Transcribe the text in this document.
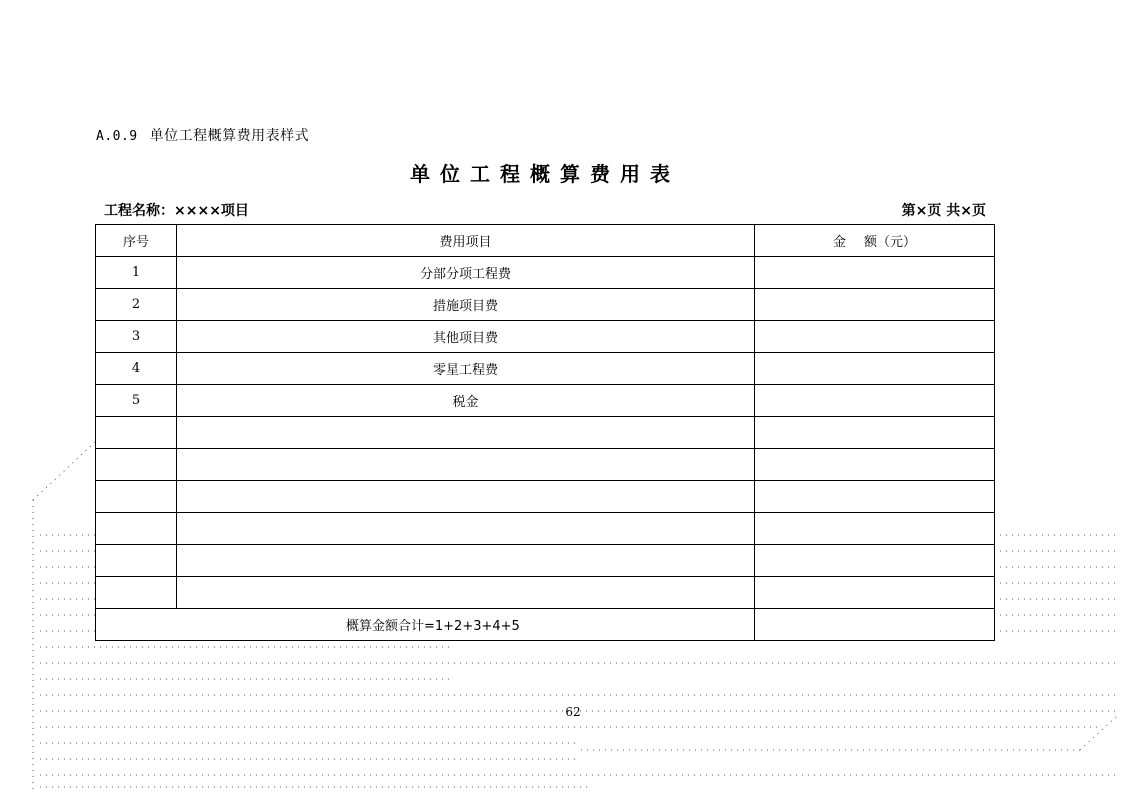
A.0.9 单位工程概算费用表样式
单位工程概算费用表
工程名称：××××项目	第×页 共×页
序号	费用项目	金 额（元）
1	分部分项工程费	
2	措施项目费	
3	其他项目费	
4	零星工程费	
5	税金	

概算金额合计=1+2+3+4+5		
62
